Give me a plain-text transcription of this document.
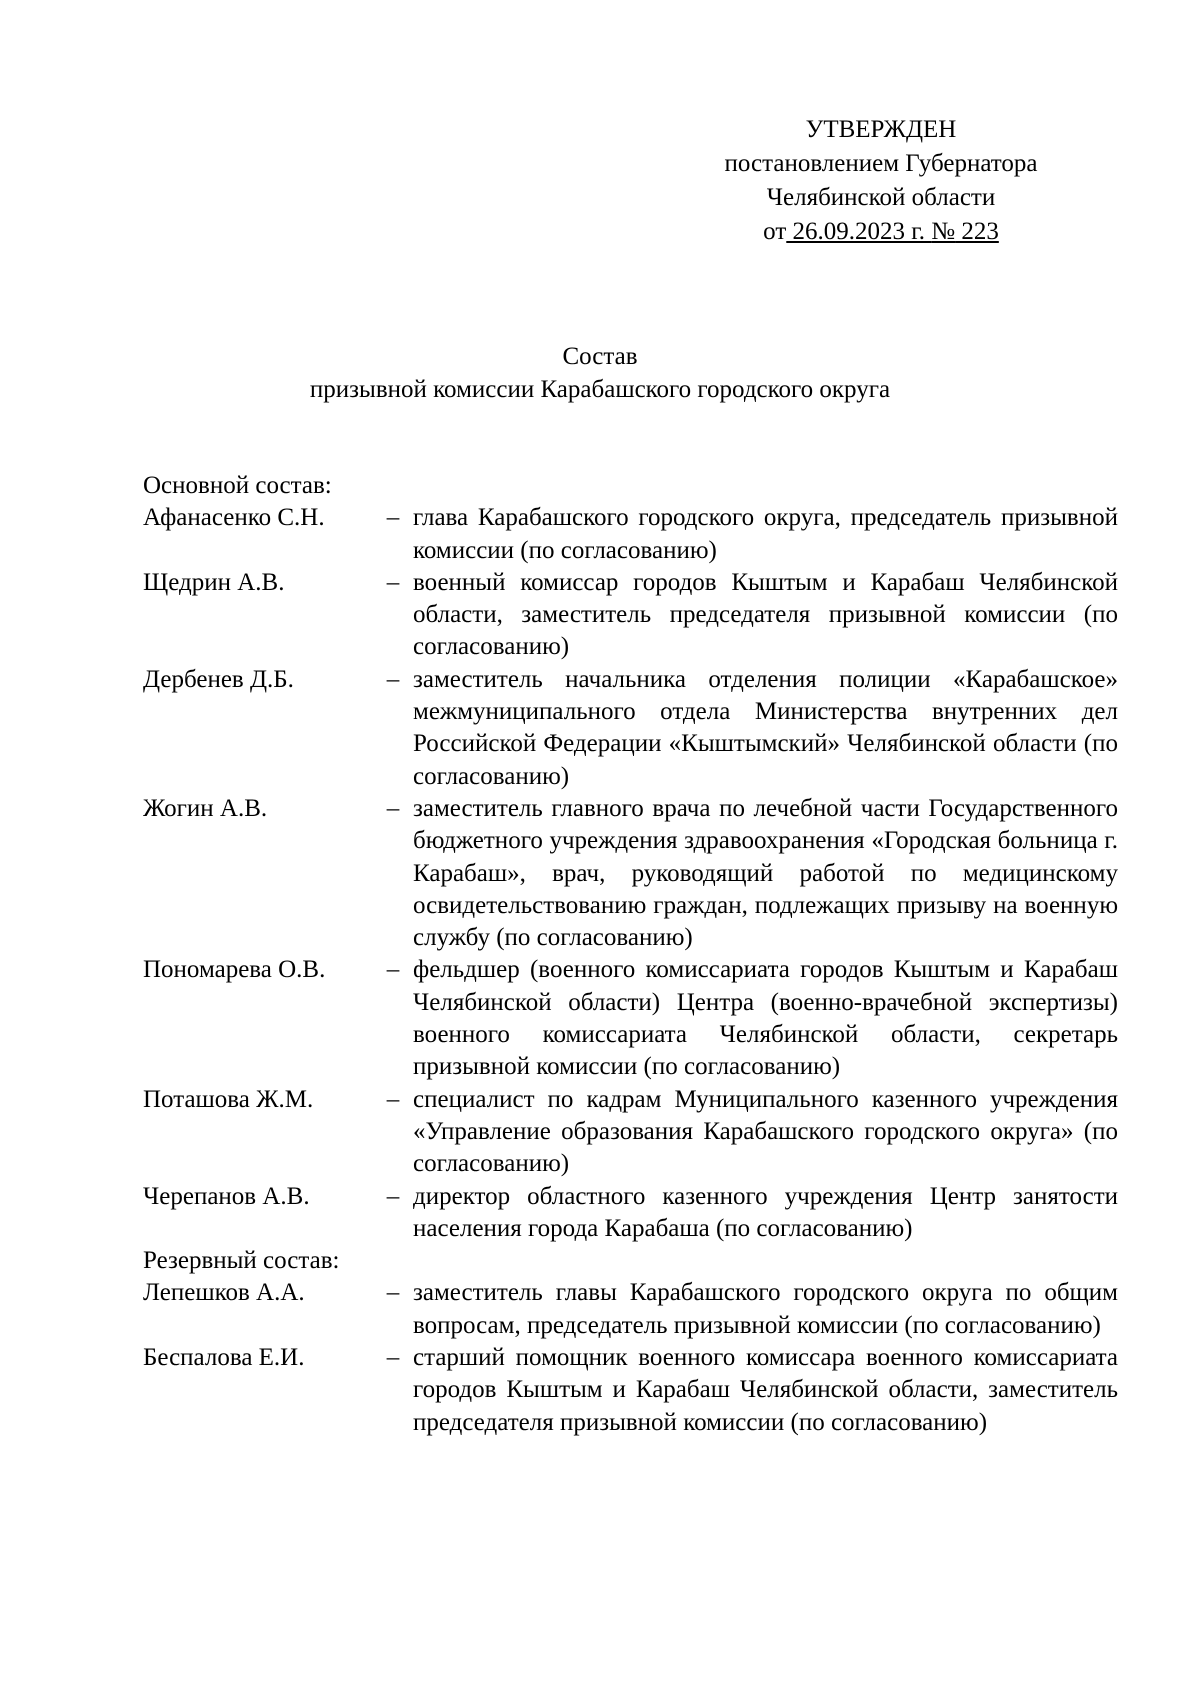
УТВЕРЖДЕН
постановлением Губернатора
Челябинской области
от 26.09.2023 г. № 223
Состав
призывной комиссии Карабашского городского округа
Основной состав:
Афанасенко С.Н.	– глава Карабашского городского округа, председатель призывной комиссии (по согласованию)
Щедрин А.В.	– военный комиссар городов Кыштым и Карабаш Челябинской области, заместитель председателя призывной комиссии (по согласованию)
Дербенев Д.Б.	– заместитель начальника отделения полиции «Карабашское» межмуниципального отдела Министерства внутренних дел Российской Федерации «Кыштымский» Челябинской области (по согласованию)
Жогин А.В.	– заместитель главного врача по лечебной части Государственного бюджетного учреждения здравоохранения «Городская больница г. Карабаш», врач, руководящий работой по медицинскому освидетельствованию граждан, подлежащих призыву на военную службу (по согласованию)
Пономарева О.В.	– фельдшер (военного комиссариата городов Кыштым и Карабаш Челябинской области) Центра (военно-врачебной экспертизы) военного комиссариата Челябинской области, секретарь призывной комиссии (по согласованию)
Поташова Ж.М.	– специалист по кадрам Муниципального казенного учреждения «Управление образования Карабашского городского округа» (по согласованию)
Черепанов А.В.	– директор областного казенного учреждения Центр занятости населения города Карабаша (по согласованию)
Резервный состав:
Лепешков А.А.	– заместитель главы Карабашского городского округа по общим вопросам, председатель призывной комиссии (по согласованию)
Беспалова Е.И.	– старший помощник военного комиссара военного комиссариата городов Кыштым и Карабаш Челябинской области, заместитель председателя призывной комиссии (по согласованию)
